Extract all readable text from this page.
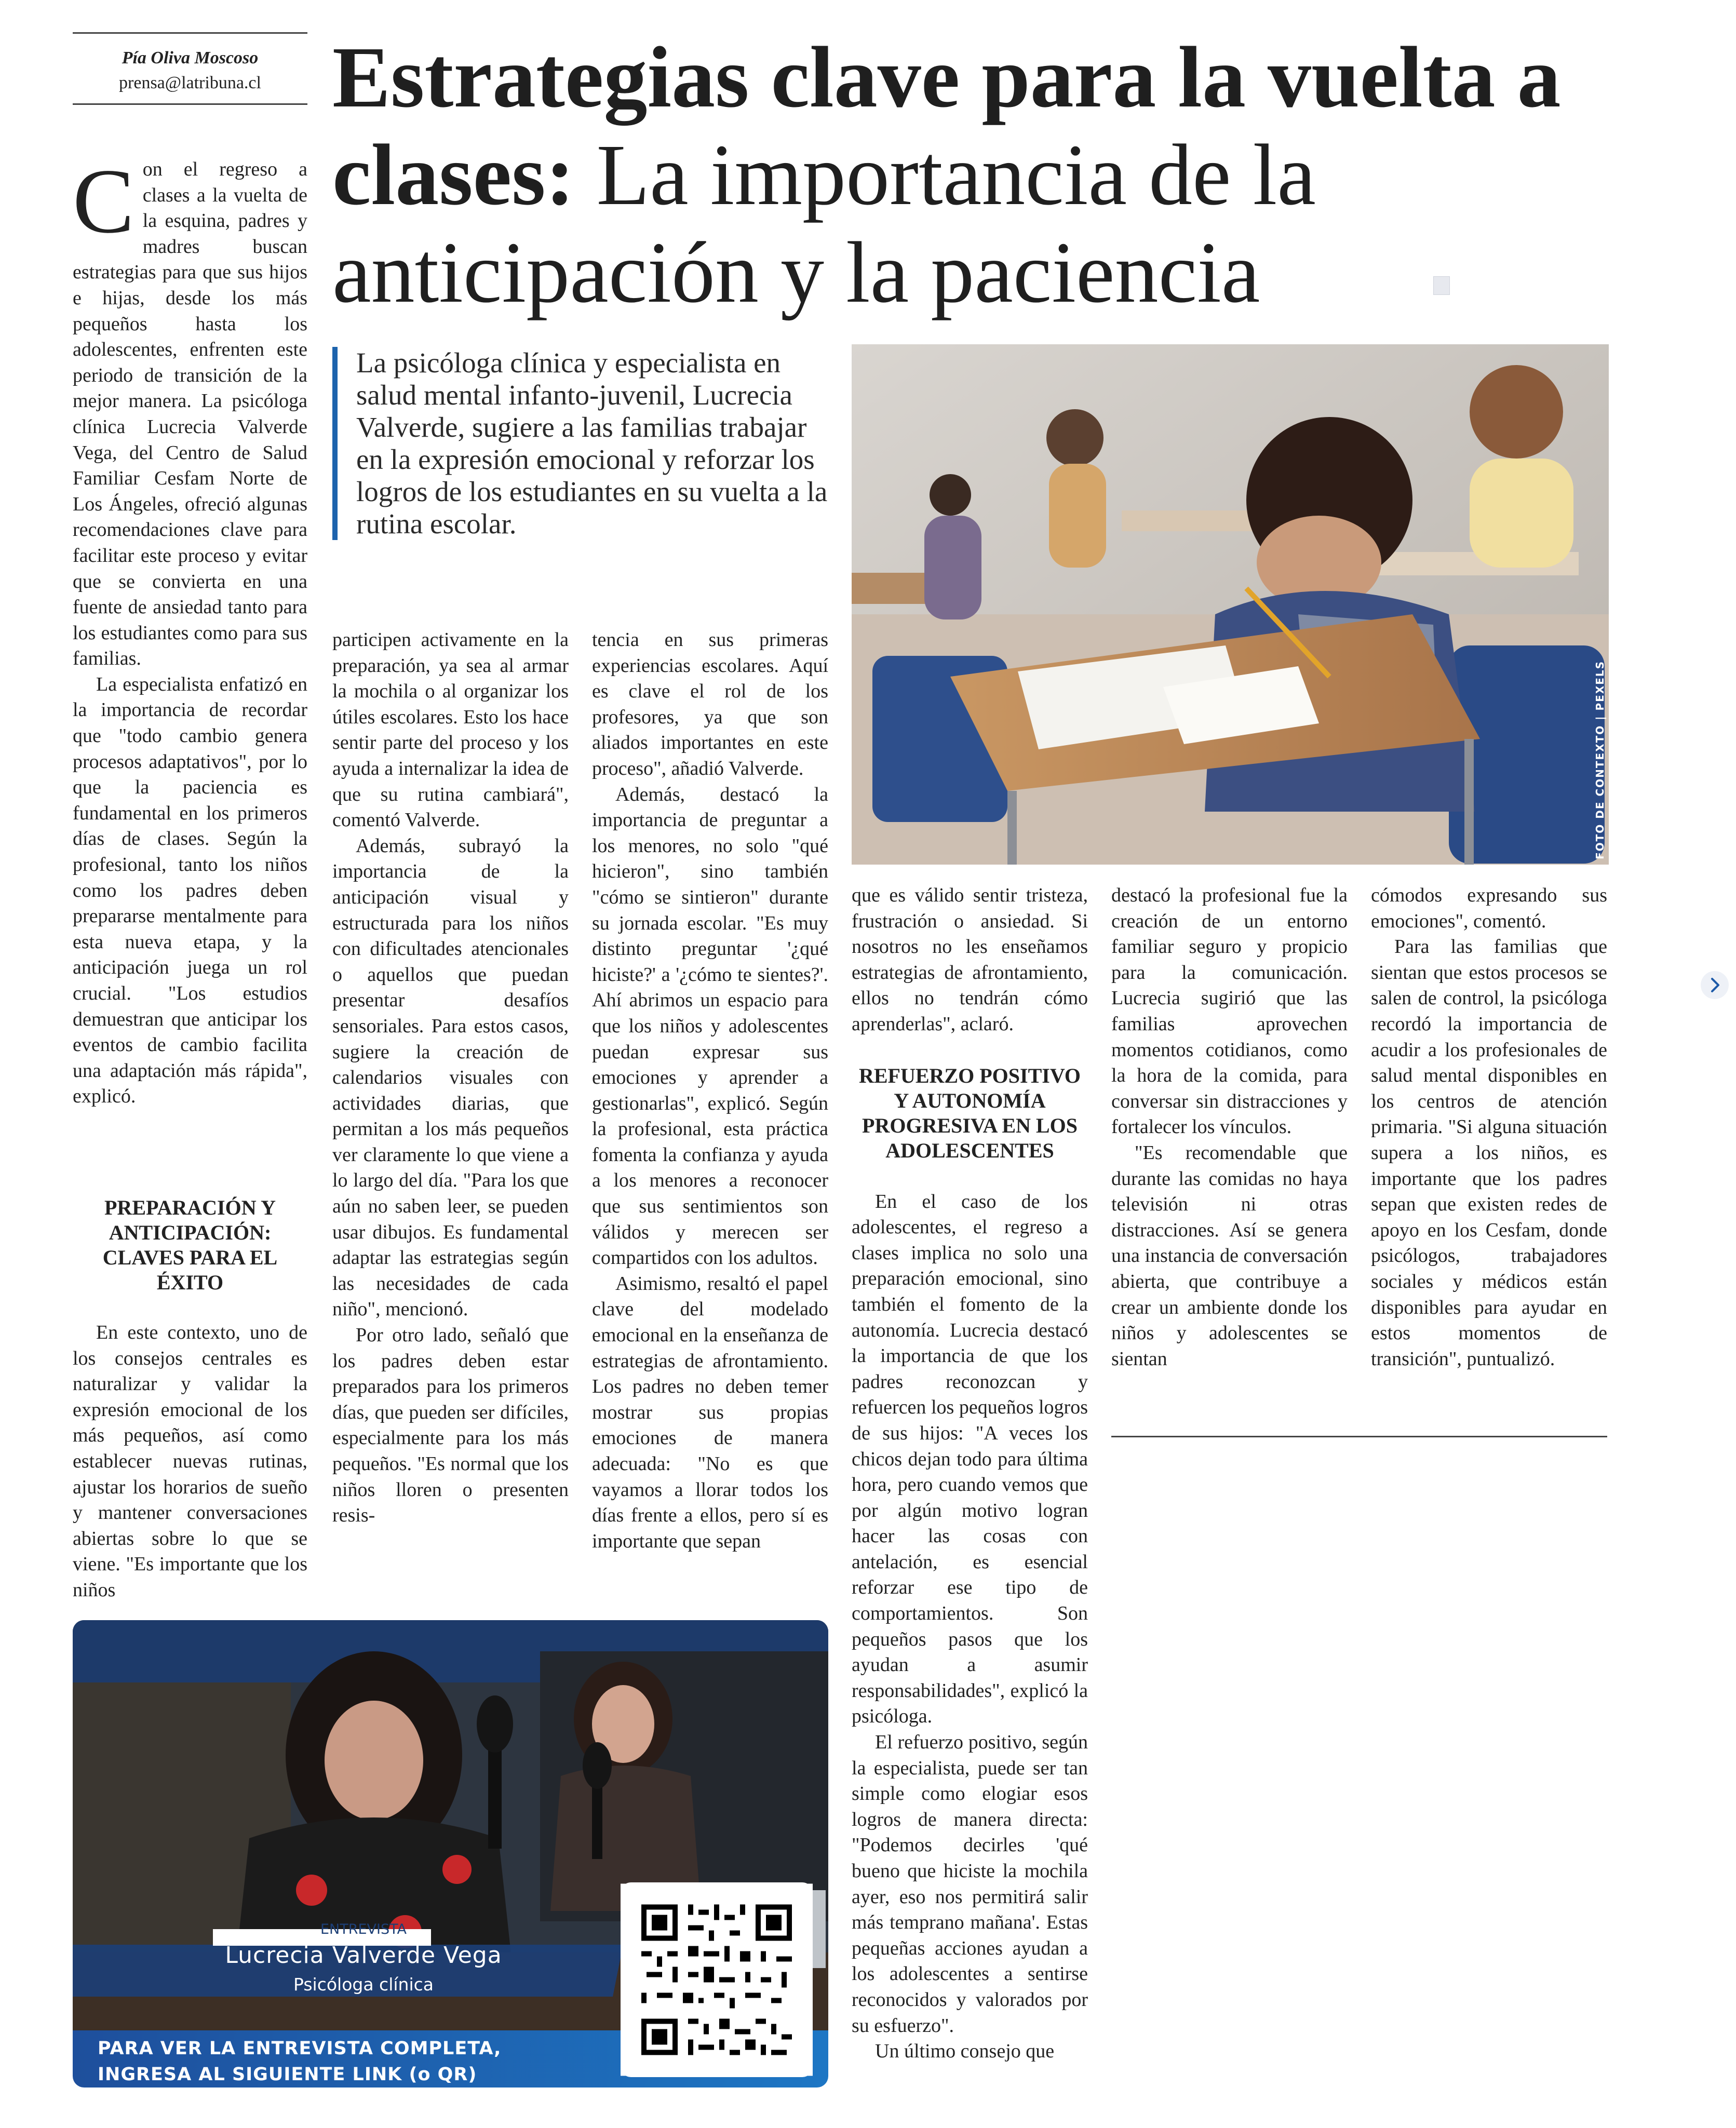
Pía Oliva Moscoso

prensa@latribuna.cl Estrategias clave para la vuelta a clases: La importancia de la anticipación y la paciencia
La psicóloga clínica y especialista en salud mental infanto-juvenil, Lucrecia Valverde, sugiere a las familias trabajar en la expresión emocional y reforzar los logros de los estudiantes en su vuelta a la rutina escolar.
FOTO DE CONTEXTO | PEXELS
C on el regreso a clases a la vuelta de la esquina, padres y madres buscan estrategias para que sus hijos e hijas, desde los más pequeños hasta los adolescentes, enfrenten este periodo de transición de la mejor manera. La psicóloga clínica Lucrecia Valverde Vega, del Centro de Salud Familiar Cesfam Norte de Los Ángeles, ofreció algunas recomendaciones clave para facilitar este proceso y evitar que se convierta en una fuente de ansiedad tanto para los estudiantes como para sus familias.

La especialista enfatizó en la importancia de recordar que "todo cambio genera procesos adaptativos", por lo que la paciencia es fundamental en los primeros días de clases. Según la profesional, tanto los niños como los padres deben prepararse mentalmente para esta nueva etapa, y la anticipación juega un rol crucial. "Los estudios demuestran que anticipar los eventos de cambio facilita una adaptación más rápida", explicó.

PREPARACIÓN Y ANTICIPACIÓN: CLAVES PARA EL ÉXITO

En este contexto, uno de los consejos centrales es naturalizar y validar la expresión emocional de los más pequeños, así como establecer nuevas rutinas, ajustar los horarios de sueño y mantener conversaciones abiertas sobre lo que se viene. "Es importante que los niños

participen activamente en la preparación, ya sea al armar la mochila o al organizar los útiles escolares. Esto los hace sentir parte del proceso y los ayuda a internalizar la idea de que su rutina cambiará", comentó Valverde.

Además, subrayó la importancia de la anticipación visual y estructurada para los niños con dificultades atencionales o aquellos que puedan presentar desafíos sensoriales. Para estos casos, sugiere la creación de calendarios visuales con actividades diarias, que permitan a los más pequeños ver claramente lo que viene a lo largo del día. "Para los que aún no saben leer, se pueden usar dibujos. Es fundamental adaptar las estrategias según las necesidades de cada niño", mencionó.

Por otro lado, señaló que los padres deben estar preparados para los primeros días, que pueden ser difíciles, especialmente para los más pequeños. "Es normal que los niños lloren o presenten resis-

tencia en sus primeras experiencias escolares. Aquí es clave el rol de los profesores, ya que son aliados importantes en este proceso", añadió Valverde.

Además, destacó la importancia de preguntar a los menores, no solo "qué hicieron", sino también "cómo se sintieron" durante su jornada escolar. "Es muy distinto preguntar '¿qué hiciste?' a '¿cómo te sientes?'. Ahí abrimos un espacio para que los niños y adolescentes puedan expresar sus emociones y aprender a gestionarlas", explicó. Según la profesional, esta práctica fomenta la confianza y ayuda a los menores a reconocer que sus sentimientos son válidos y merecen ser compartidos con los adultos.

Asimismo, resaltó el papel clave del modelado emocional en la enseñanza de estrategias de afrontamiento. Los padres no deben temer mostrar sus propias emociones de manera adecuada: "No es que vayamos a llorar todos los días frente a ellos, pero sí es importante que sepan

que es válido sentir tristeza, frustración o ansiedad. Si nosotros no les enseñamos estrategias de afrontamiento, ellos no tendrán cómo aprenderlas", aclaró.

REFUERZO POSITIVO Y AUTONOMÍA PROGRESIVA EN LOS ADOLESCENTES

En el caso de los adolescentes, el regreso a clases implica no solo una preparación emocional, sino también el fomento de la autonomía. Lucrecia destacó la importancia de que los padres reconozcan y refuercen los pequeños logros de sus hijos: "A veces los chicos dejan todo para última hora, pero cuando vemos que por algún motivo logran hacer las cosas con antelación, es esencial reforzar ese tipo de comportamientos. Son pequeños pasos que los ayudan a asumir responsabilidades", explicó la psicóloga.

El refuerzo positivo, según la especialista, puede ser tan simple como elogiar esos logros de manera directa: "Podemos decirles 'qué bueno que hiciste la mochila ayer, eso nos permitirá salir más temprano mañana'. Estas pequeñas acciones ayudan a los adolescentes a sentirse reconocidos y valorados por su esfuerzo".

Un último consejo que

destacó la profesional fue la creación de un entorno familiar seguro y propicio para la comunicación. Lucrecia sugirió que las familias aprovechen momentos cotidianos, como la hora de la comida, para conversar sin distracciones y fortalecer los vínculos.

"Es recomendable que durante las comidas no haya televisión ni otras distracciones. Así se genera una instancia de conversación abierta, que contribuye a crear un ambiente donde los niños y adolescentes se sientan

cómodos expresando sus emociones", comentó.

Para las familias que sientan que estos procesos se salen de control, la psicóloga recordó la importancia de acudir a los profesionales de salud mental disponibles en los centros de atención primaria. "Si alguna situación supera a los niños, es importante que los padres sepan que existen redes de apoyo en los Cesfam, donde psicólogos, trabajadores sociales y médicos están disponibles para ayudar en estos momentos de transición", puntualizó.

ENTREVISTA
Lucrecia Valverde Vega
Psicóloga clínica
PARA VER LA ENTREVISTA COMPLETA, INGRESA AL SIGUIENTE LINK (o QR)
